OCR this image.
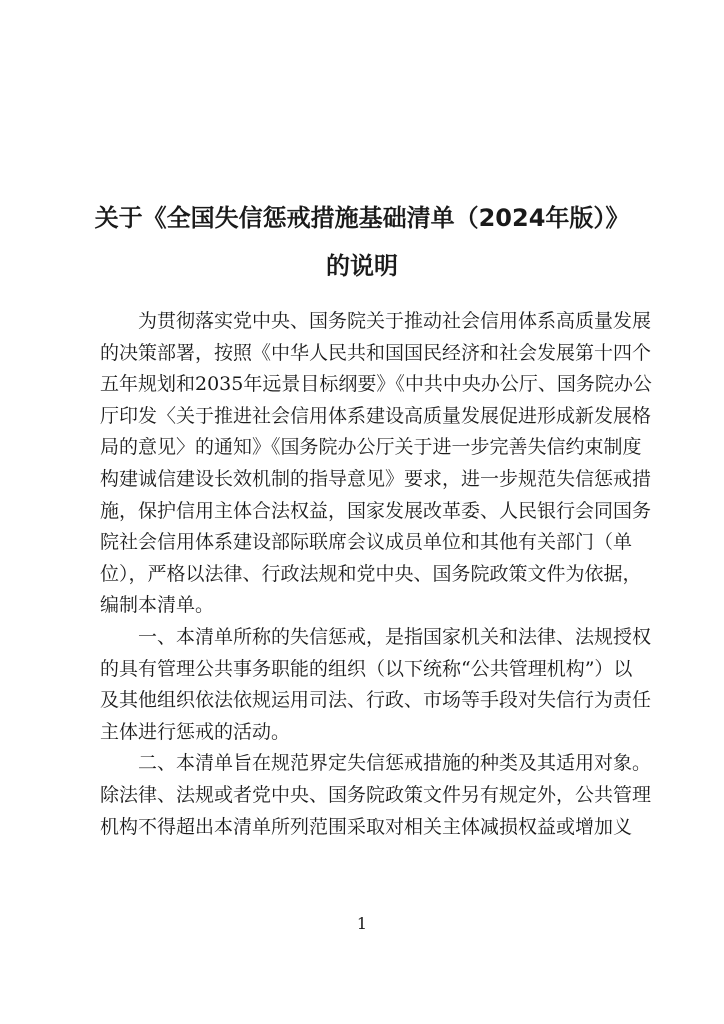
关于《全国失信惩戒措施基础清单（2024年版）》
的说明
为贯彻落实党中央、国务院关于推动社会信用体系高质量发展
的决策部署，按照《中华人民共和国国民经济和社会发展第十四个
五年规划和2035年远景目标纲要》《中共中央办公厅、国务院办公
厅印发〈关于推进社会信用体系建设高质量发展促进形成新发展格
局的意见〉的通知》《国务院办公厅关于进一步完善失信约束制度
构建诚信建设长效机制的指导意见》要求，进一步规范失信惩戒措
施，保护信用主体合法权益，国家发展改革委、人民银行会同国务
院社会信用体系建设部际联席会议成员单位和其他有关部门（单
位），严格以法律、行政法规和党中央、国务院政策文件为依据，
编制本清单。
一、本清单所称的失信惩戒，是指国家机关和法律、法规授权
的具有管理公共事务职能的组织（以下统称“公共管理机构”）以
及其他组织依法依规运用司法、行政、市场等手段对失信行为责任
主体进行惩戒的活动。
二、本清单旨在规范界定失信惩戒措施的种类及其适用对象。
除法律、法规或者党中央、国务院政策文件另有规定外，公共管理
机构不得超出本清单所列范围采取对相关主体减损权益或增加义
1
